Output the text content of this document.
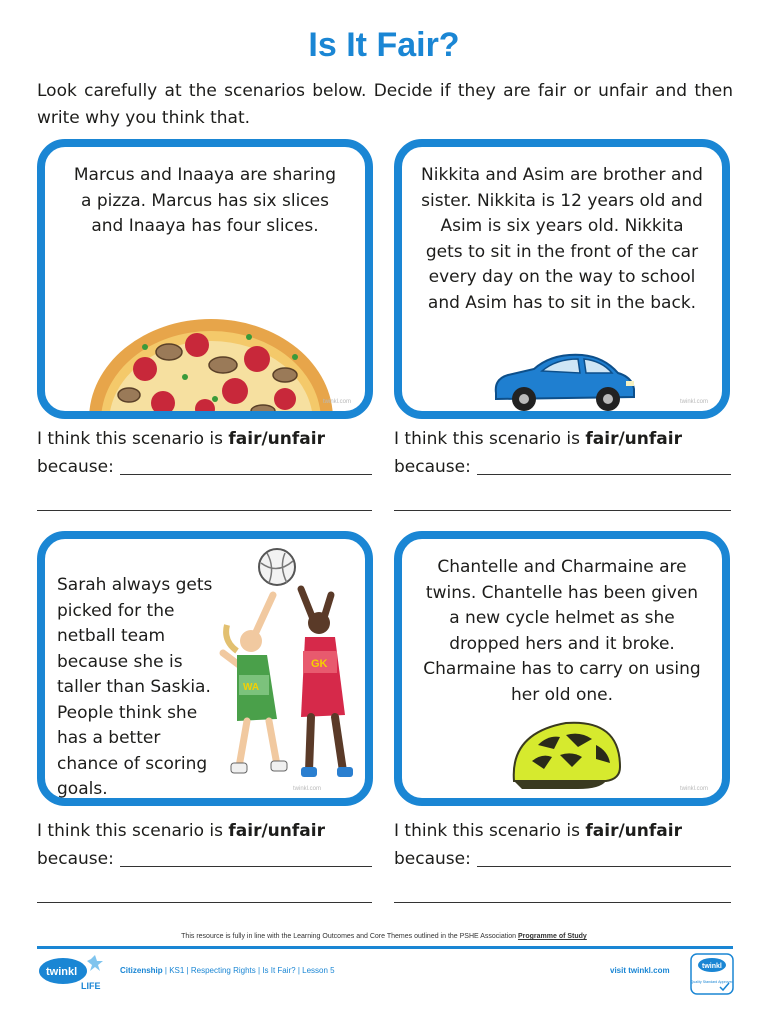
Is It Fair?
Look carefully at the scenarios below. Decide if they are fair or unfair and then write why you think that.
Marcus and Inaaya are sharing a pizza. Marcus has six slices and Inaaya has four slices.
twinkl.com
Nikkita and Asim are brother and sister. Nikkita is 12 years old and Asim is six years old. Nikkita gets to sit in the front of the car every day on the way to school and Asim has to sit in the back.
twinkl.com
I think this scenario is fair/unfair
because:
I think this scenario is fair/unfair
because:
Sarah always gets picked for the netball team because she is taller than Saskia. People think she has a better chance of scoring goals.
GK
WA
twinkl.com
Chantelle and Charmaine are twins. Chantelle has been given a new cycle helmet as she dropped hers and it broke. Charmaine has to carry on using her old one.
twinkl.com
I think this scenario is fair/unfair
because:
I think this scenario is fair/unfair
because:
This resource is fully in line with the Learning Outcomes and Core Themes outlined in the PSHE Association Programme of Study
twinkl
LIFE
Citizenship | KS1 | Respecting Rights | Is It Fair? | Lesson 5	visit twinkl.com	twinkl
Quality Standard Approved
